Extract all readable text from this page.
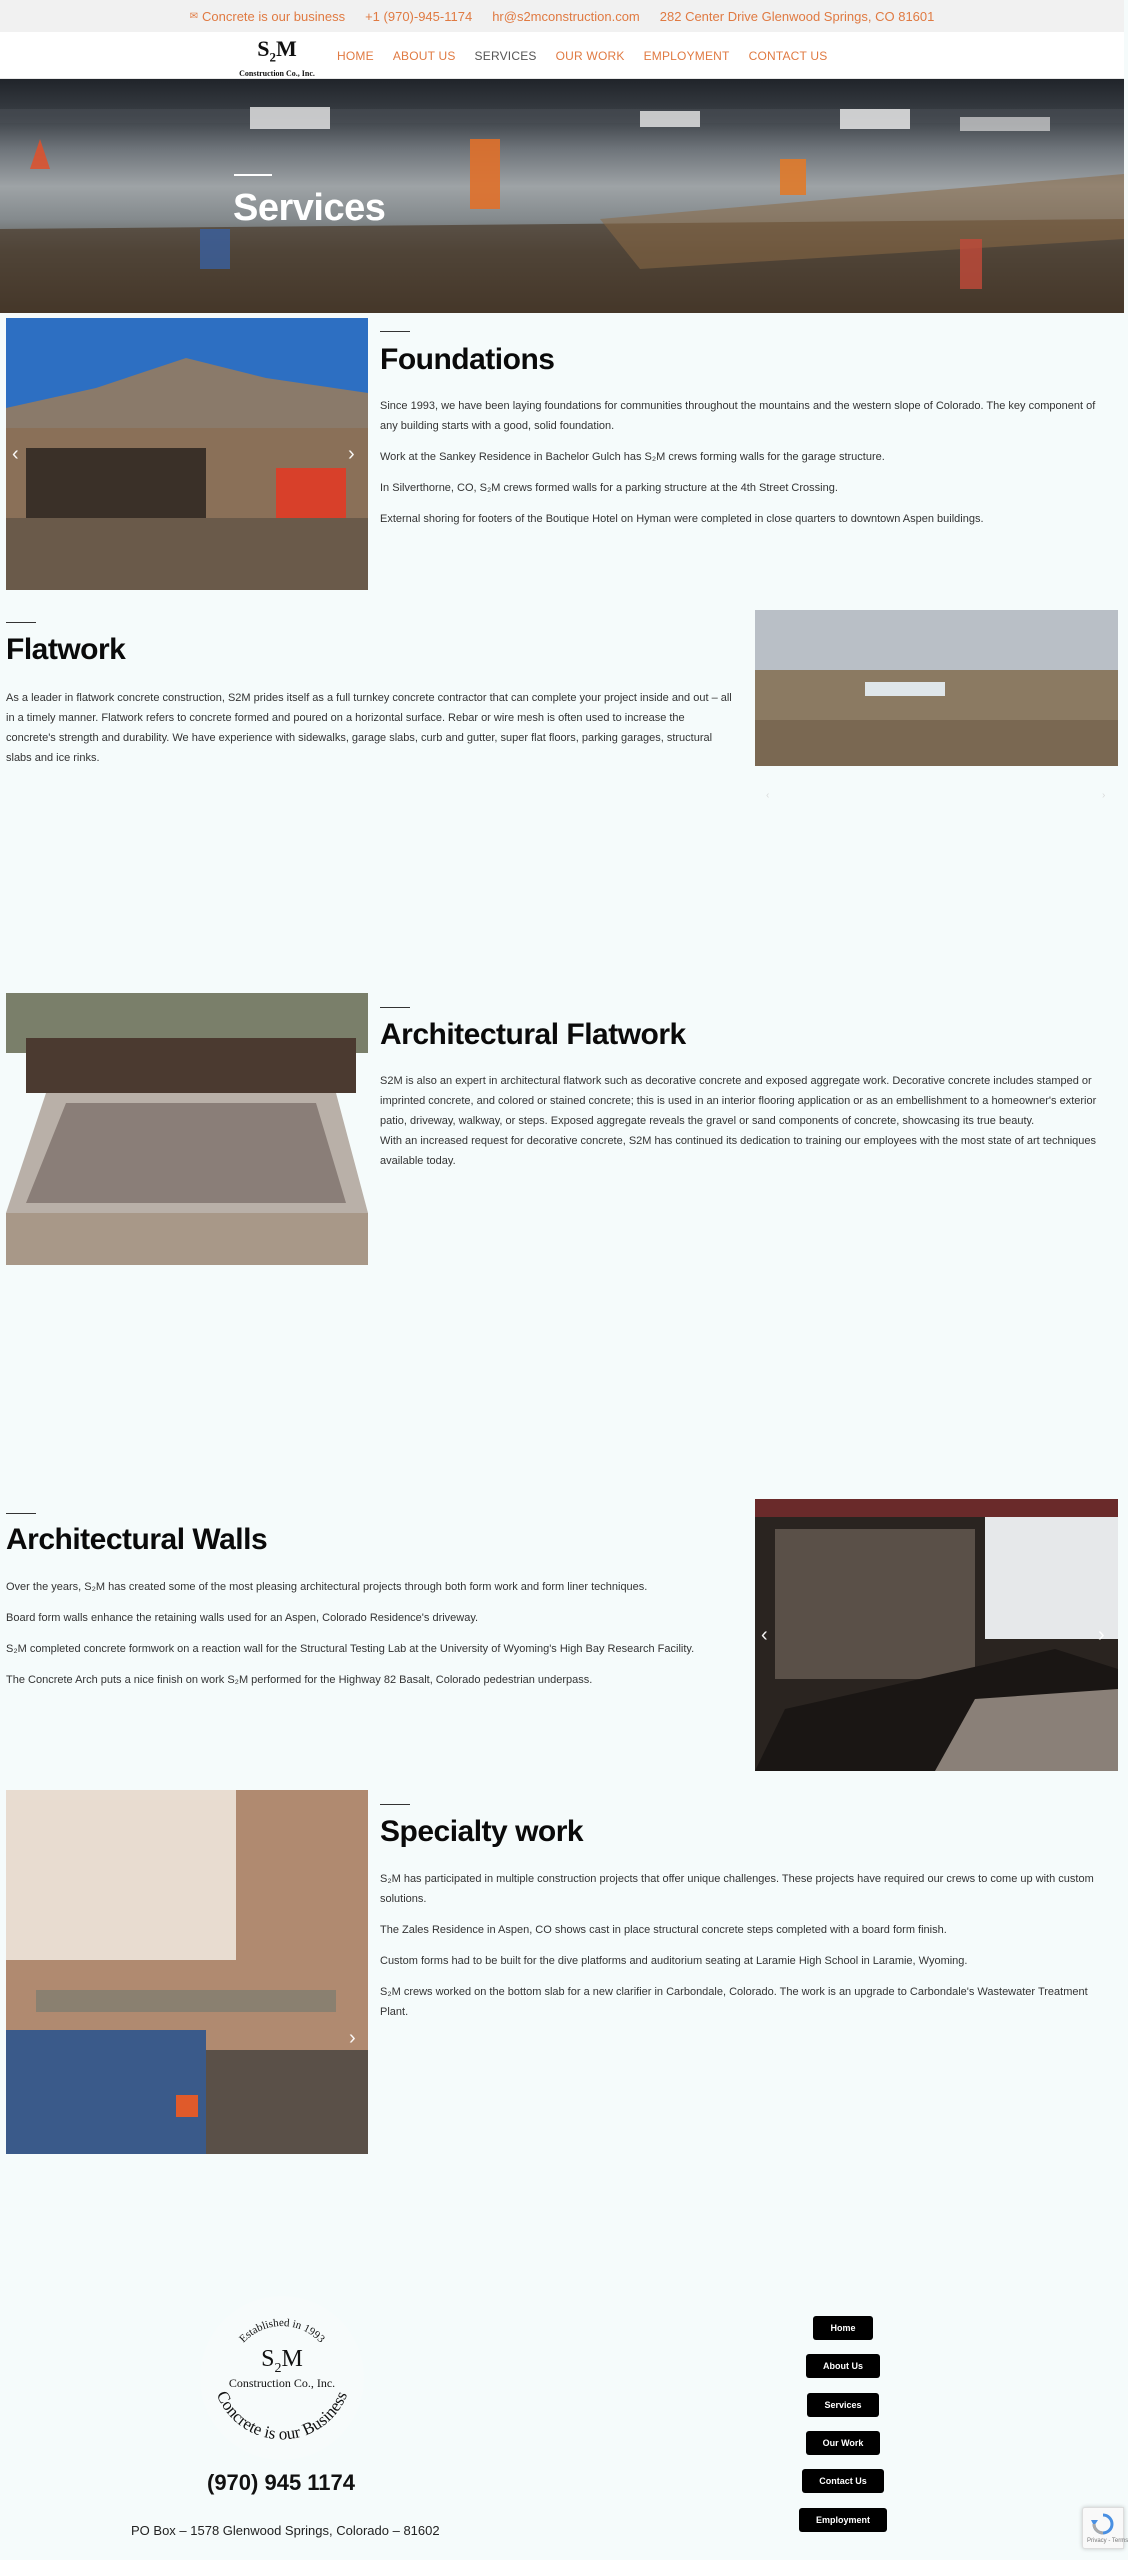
✉ Concrete is our business +1 (970)-945-1174 hr@s2mconstruction.com 282 Center Drive Glenwood Springs, CO 81601
$S_2M$
Construction Co., Inc.
HOME ABOUT US SERVICES OUR WORK EMPLOYMENT CONTACT US
Services
‹	›
Foundations

Since 1993, we have been laying foundations for communities throughout the mountains and the western slope of Colorado. The key component of any building starts with a good, solid foundation.

Work at the Sankey Residence in Bachelor Gulch has S₂M crews forming walls for the garage structure.

In Silverthorne, CO, S₂M crews formed walls for a parking structure at the 4th Street Crossing.

External shoring for footers of the Boutique Hotel on Hyman were completed in close quarters to downtown Aspen buildings.

Flatwork

As a leader in flatwork concrete construction, S2M prides itself as a full turnkey concrete contractor that can complete your project inside and out – all in a timely manner. Flatwork refers to concrete formed and poured on a horizontal surface. Rebar or wire mesh is often used to increase the concrete's strength and durability. We have experience with sidewalks, garage slabs, curb and gutter, super flat floors, parking garages, structural slabs and ice rinks.

‹	›
Architectural Flatwork

S2M is also an expert in architectural flatwork such as decorative concrete and exposed aggregate work. Decorative concrete includes stamped or imprinted concrete, and colored or stained concrete; this is used in an interior flooring application or as an embellishment to a homeowner's exterior patio, driveway, walkway, or steps. Exposed aggregate reveals the gravel or sand components of concrete, showcasing its true beauty.

With an increased request for decorative concrete, S2M has continued its dedication to training our employees with the most state of art techniques available today.

Architectural Walls

Over the years, S₂M has created some of the most pleasing architectural projects through both form work and form liner techniques.

Board form walls enhance the retaining walls used for an Aspen, Colorado Residence's driveway.

S₂M completed concrete formwork on a reaction wall for the Structural Testing Lab at the University of Wyoming's High Bay Research Facility.

The Concrete Arch puts a nice finish on work S₂M performed for the Highway 82 Basalt, Colorado pedestrian underpass.

‹	›
›
Specialty work

S₂M has participated in multiple construction projects that offer unique challenges. These projects have required our crews to come up with custom solutions.

The Zales Residence in Aspen, CO shows cast in place structural concrete steps completed with a board form finish.

Custom forms had to be built for the dive platforms and auditorium seating at Laramie High School in Laramie, Wyoming.

S₂M crews worked on the bottom slab for a new clarifier in Carbondale, Colorado. The work is an upgrade to Carbondale's Wastewater Treatment Plant.

Established in 1993
Concrete is our Business
$S_2M$
Construction Co., Inc.
(970) 945 1174
PO Box – 1578 Glenwood Springs, Colorado – 81602
Home
About Us
Services
Our Work
Contact Us
Employment
Privacy - Terms
